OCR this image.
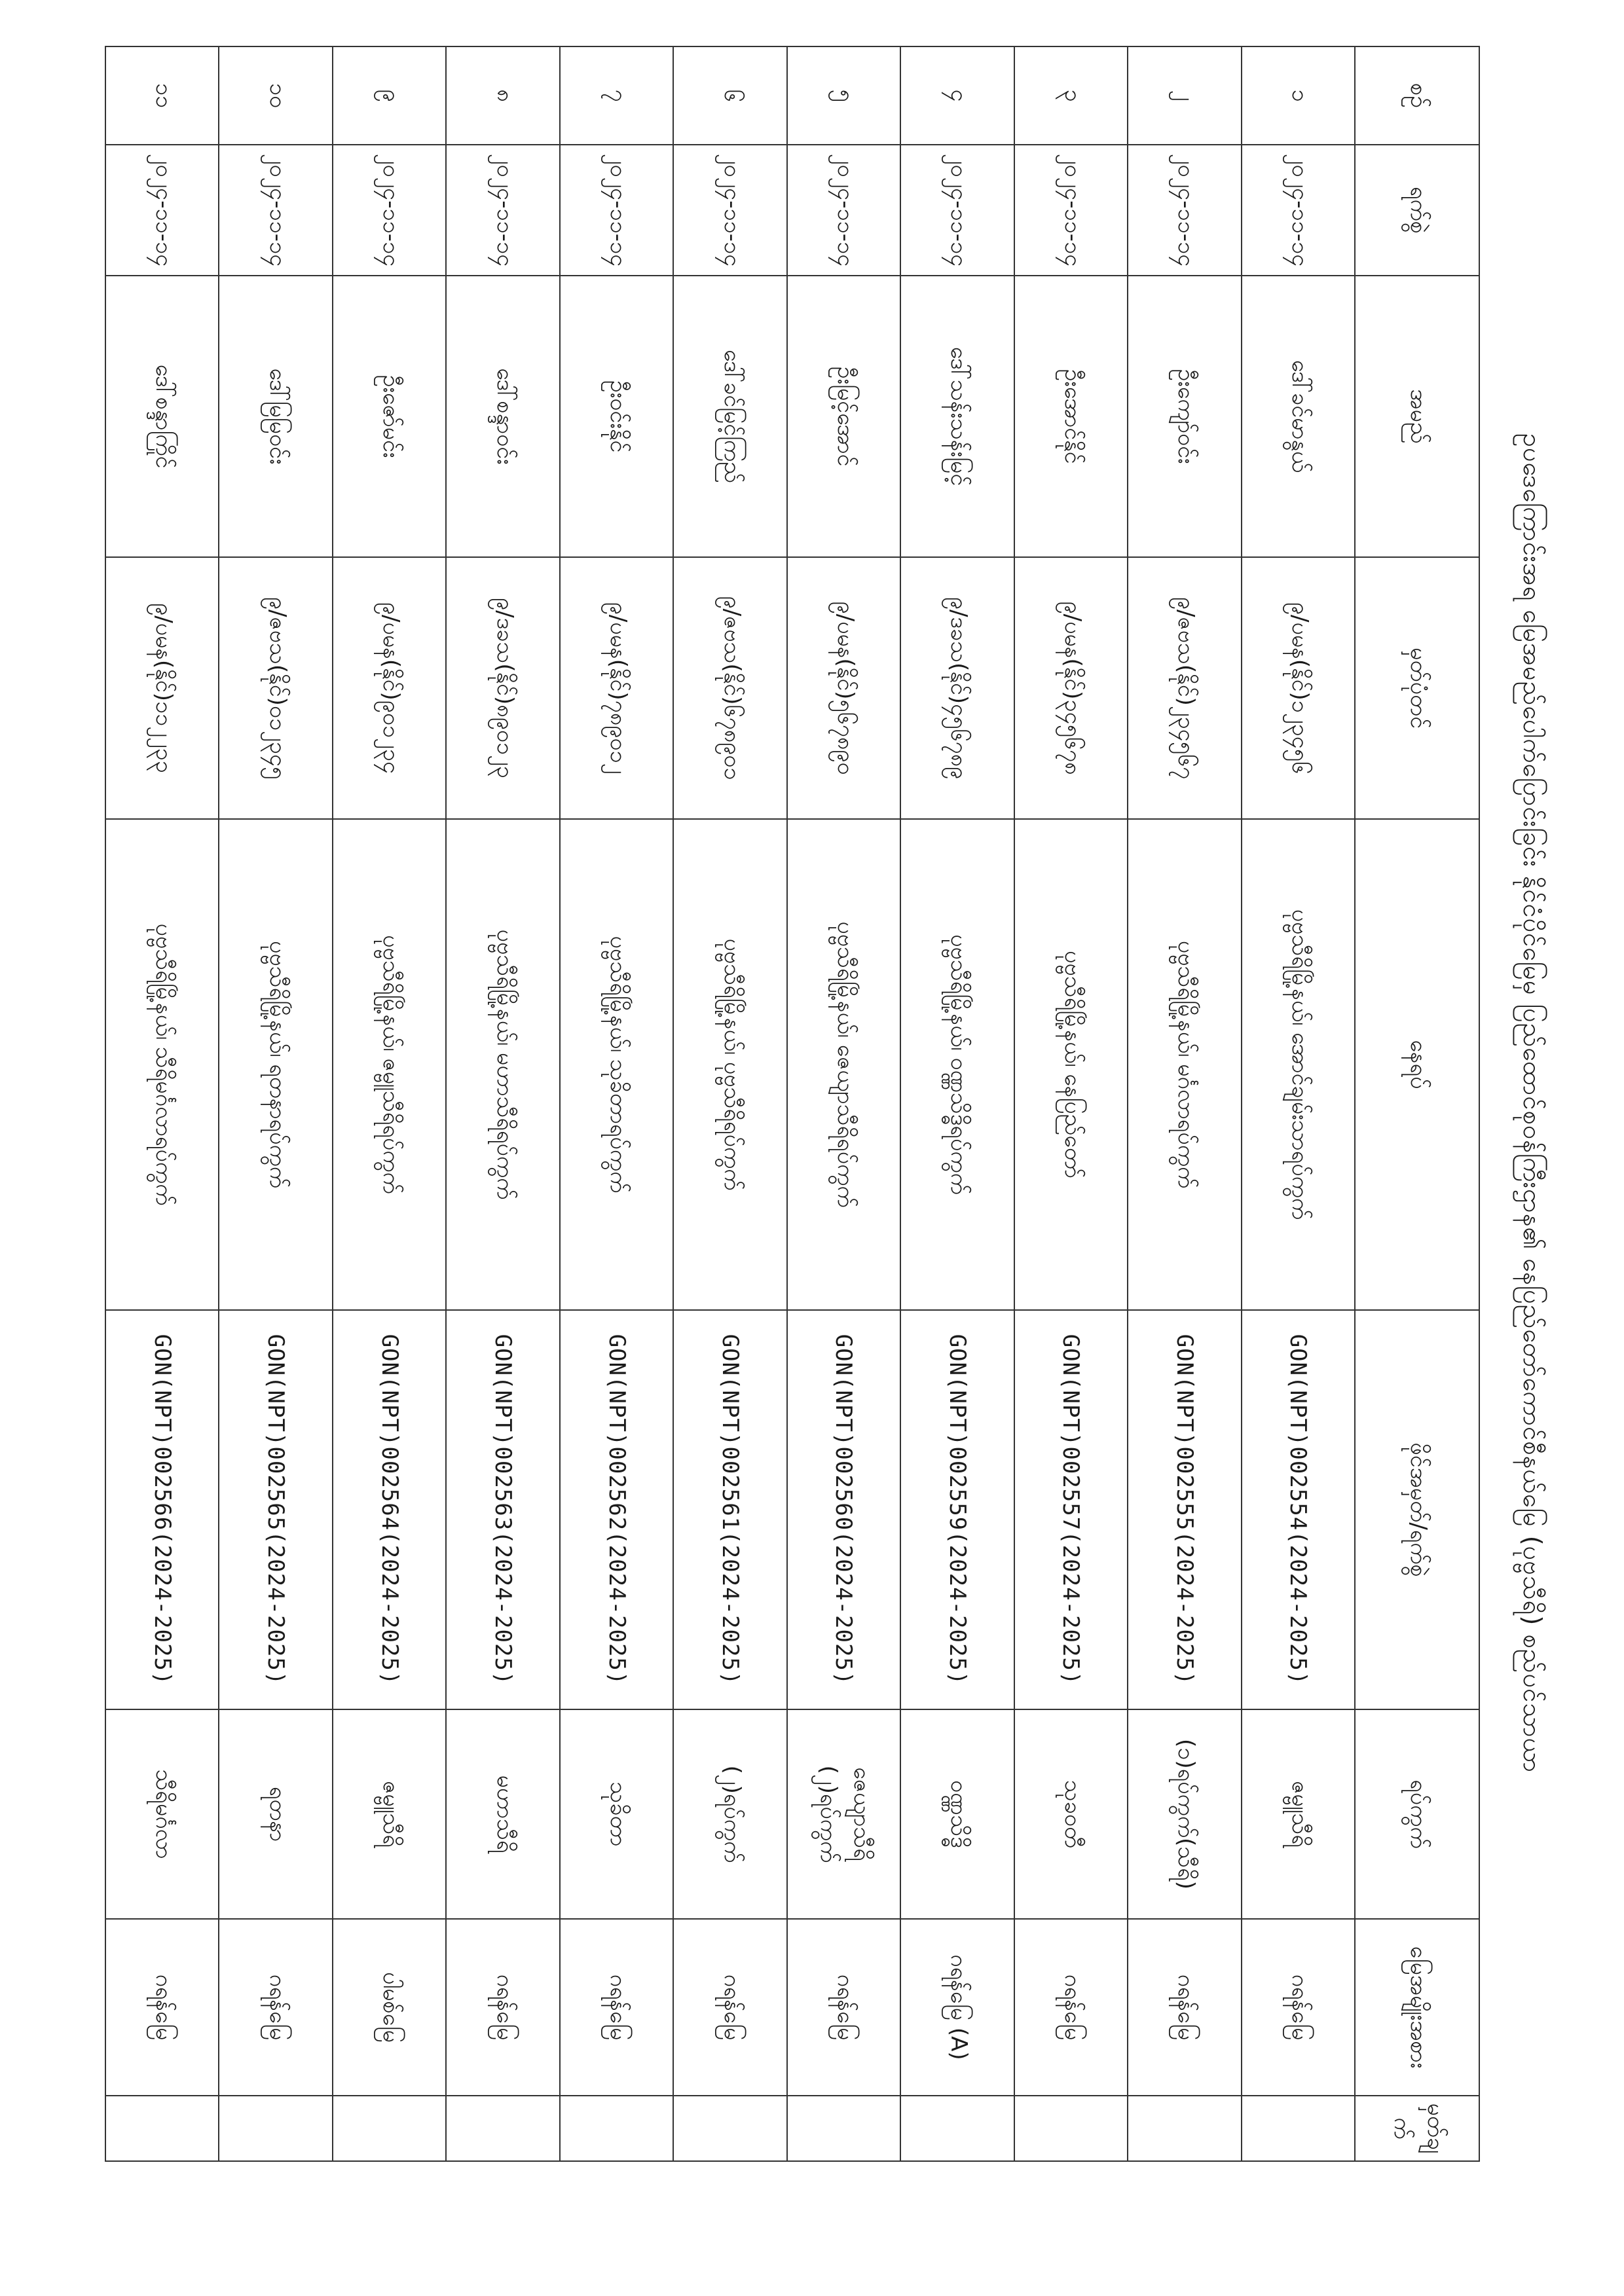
ဥပဒေကြောင်းအရ မြေအမည်ပေါက်ပြောင်းခြင်း နိုင်ငံပိုင်မြေမှ ပြည်ထောင်စုဝန်ကြီးဌာန၏ နေပြည်တော်ကောင်စီနယ်မြေ (ပုဗ္ဗသီရိ) စည်ပင်သာယာ
စဉ်	ရက်စွဲ	အမည်	မှတ်ပုံတင်	နေရပ်	ဖိုင်အမှတ်/ရက်စွဲ	ရပ်ကွက်	မြေအမျိုးအစား	မှတ်ချက်
၁	၂၀၂၄-၁၁-၁၄	ဒေါ်ခင်မာနွယ်	၉/ပမန(နိုင်)၁၂၃၄၅၆	ပုဗ္ဗသီရိမြို့နယ်၊ အောင်ချမ်းသာရပ်ကွက်	GON(NPT)002554(2024-2025)	ဇမ္ဗူသီရိ	ဂရန်မြေ	
၂	၂၀၂၄-၁၁-၁၄	ဦးကျော်ဝင်း	၉/ဇဗသ(နိုင်)၂၃၄၅၆၇	ပုဗ္ဗသီရိမြို့နယ်၊ မင်္ဂလာရပ်ကွက်	GON(NPT)002555(2024-2025)	(၁)ရပ်ကွက်(သီရိ)	ဂရန်မြေ	
၃	၂၀၂၄-၁၁-၁၄	ဦးအောင်နိုင်	၉/ပမန(နိုင်)၃၄၅၆၇၈	ပုဗ္ဗသီရိမြို့နယ်၊ နေပြည်တော်	GON(NPT)002557(2024-2025)	သုခဝတီ	ဂရန်မြေ	
၄	၂၀၂၄-၁၁-၁၄	ဒေါ်သန်းသန်းမြင့်	၉/ဒခသ(နိုင်)၄၅၆၇၈၉	ပုဗ္ဗသီရိမြို့နယ်၊ ဝဏ္ဏသိဒ္ဓိရပ်ကွက်	GON(NPT)002559(2024-2025)	ဝဏ္ဏသိဒ္ဓိ	ဂရန်မြေ (A)	
၅	၂၀၂၄-၁၁-၁၄	ဦးမြင့်အောင်	၉/ပမန(နိုင်)၅၆၇၈၉၀	ပုဗ္ဗသီရိမြို့နယ်၊ ဇေယျာသီရိရပ်ကွက်	GON(NPT)002560(2024-2025)	ဇေယျာသီရိ (၂)ရပ်ကွက်	ဂရန်မြေ	
၆	၂၀၂၄-၁၁-၁၄	ဒေါ်ခင်မြင့်ကြည်	၉/ဇဗသ(နိုင်)၆၇၈၉၀၁	ပုဗ္ဗသီရိမြို့နယ်၊ ပုဗ္ဗသီရိရပ်ကွက်	GON(NPT)002561(2024-2025)	(၂)ရပ်ကွက်	ဂရန်မြေ	
၇	၂၀၂၄-၁၁-၁၄	ဦးဝင်းနိုင်	၉/ပမန(နိုင်)၇၈၉၀၁၂	ပုဗ္ဗသီရိမြို့နယ်၊ သုခိတာရပ်ကွက်	GON(NPT)002562(2024-2025)	သုခိတာ	ဂရန်မြေ	
၈	၂၀၂၄-၁၁-၁၄	ဒေါ်စန္ဒာဝင်း	၉/ဒခသ(နိုင်)၈၉၀၁၂၃	ပုဗ္ဗသီရိမြို့နယ်၊ မဟာသီရိရပ်ကွက်	GON(NPT)002563(2024-2025)	မဟာသီရိ	ဂရန်မြေ	
၉	၂၀၂၄-၁၁-၁၄	ဦးဇော်မင်း	၉/ပမန(နိုင်)၉၀၁၂၃၄	ပုဗ္ဗသီရိမြို့နယ်၊ ဇမ္ဗူသီရိရပ်ကွက်	GON(NPT)002564(2024-2025)	ဇမ္ဗူသီရိ	ပါမစ်မြေ	
၁၀	၂၀၂၄-၁၁-၁၄	ဒေါ်မြမြဝင်း	၉/ဇဗသ(နိုင်)၀၁၂၃၄၅	ပုဗ္ဗသီရိမြို့နယ်၊ ရတနာရပ်ကွက်	GON(NPT)002565(2024-2025)	ရတနာ	ဂရန်မြေ	
၁၁	၂၀၂၄-၁၁-၁၄	ဒေါ်စန္ဒာကြိုင်	၉/ပမန(နိုင်)၁၁၂၂၃၃	ပုဗ္ဗသီရိမြို့နယ်၊ သီရိမင်္ဂလာရပ်ကွက်	GON(NPT)002566(2024-2025)	သီရိမင်္ဂလာ	ဂရန်မြေ	
